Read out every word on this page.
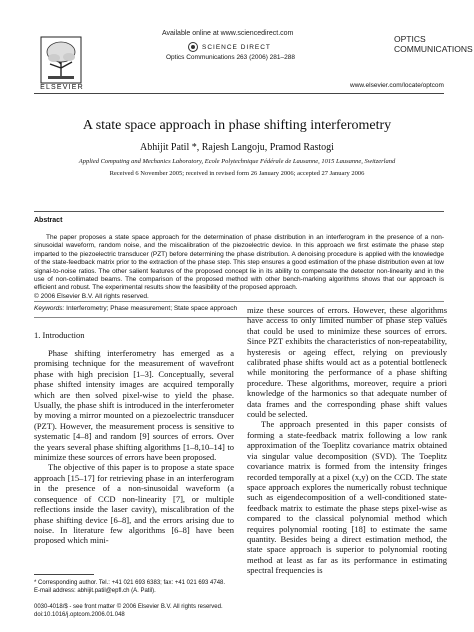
ELSEVIER
Available online at www.sciencedirect.com
SCIENCE DIRECT
Optics Communications 263 (2006) 281–288
OPTICS
COMMUNICATIONS
www.elsevier.com/locate/optcom
A state space approach in phase shifting interferometry
Abhijit Patil *, Rajesh Langoju, Pramod Rastogi
Applied Computing and Mechanics Laboratory, Ecole Polytechnique Fédérale de Lausanne, 1015 Lausanne, Switzerland
Received 6 November 2005; received in revised form 26 January 2006; accepted 27 January 2006
Abstract
The paper proposes a state space approach for the determination of phase distribution in an interferogram in the presence of a non-sinusoidal waveform, random noise, and the miscalibration of the piezoelectric device. In this approach we first estimate the phase step imparted to the piezoelectric transducer (PZT) before determining the phase distribution. A denoising procedure is applied with the knowledge of the state-feedback matrix prior to the extraction of the phase step. This step ensures a good estimation of the phase distribution even at low signal-to-noise ratios. The other salient features of the proposed concept lie in its ability to compensate the detector non-linearity and in the use of non-collimated beams. The comparison of the proposed method with other bench-marking algorithms shows that our approach is efficient and robust. The experimental results show the feasibility of the proposed approach.
© 2006 Elsevier B.V. All rights reserved.
Keywords: Interferometry; Phase measurement; State space approach
1. Introduction

Phase shifting interferometry has emerged as a promising technique for the measurement of wavefront phase with high precision [1–3]. Conceptually, several phase shifted intensity images are acquired temporally which are then solved pixel-wise to yield the phase. Usually, the phase shift is introduced in the interferometer by moving a mirror mounted on a piezoelectric transducer (PZT). However, the measurement process is sensitive to systematic [4–8] and random [9] sources of errors. Over the years several phase shifting algorithms [1–8,10–14] to minimize these sources of errors have been proposed.

The objective of this paper is to propose a state space approach [15–17] for retrieving phase in an interferogram in the presence of a non-sinusoidal waveform (a consequence of CCD non-linearity [7], or multiple reflections inside the laser cavity), miscalibration of the phase shifting device [6–8], and the errors arising due to noise. In literature few algorithms [6–8] have been proposed which mini-

mize these sources of errors. However, these algorithms have access to only limited number of phase step values that could be used to minimize these sources of errors. Since PZT exhibits the characteristics of non-repeatability, hysteresis or ageing effect, relying on previously calibrated phase shifts would act as a potential bottleneck while monitoring the performance of a phase shifting procedure. These algorithms, moreover, require a priori knowledge of the harmonics so that adequate number of data frames and the corresponding phase shift values could be selected.

The approach presented in this paper consists of forming a state-feedback matrix following a low rank approximation of the Toeplitz covariance matrix obtained via singular value decomposition (SVD). The Toeplitz covariance matrix is formed from the intensity fringes recorded temporally at a pixel (x,y) on the CCD. The state space approach explores the numerically robust technique such as eigendecomposition of a well-conditioned state-feedback matrix to estimate the phase steps pixel-wise as compared to the classical polynomial method which requires polynomial rooting [18] to estimate the same quantity. Besides being a direct estimation method, the state space approach is superior to polynomial rooting method at least as far as its performance in estimating spectral frequencies is

* Corresponding author. Tel.: +41 021 693 6383; fax: +41 021 693 4748.
E-mail address: abhijit.patil@epfl.ch (A. Patil).
0030-4018/$ - see front matter © 2006 Elsevier B.V. All rights reserved.
doi:10.1016/j.optcom.2006.01.048
